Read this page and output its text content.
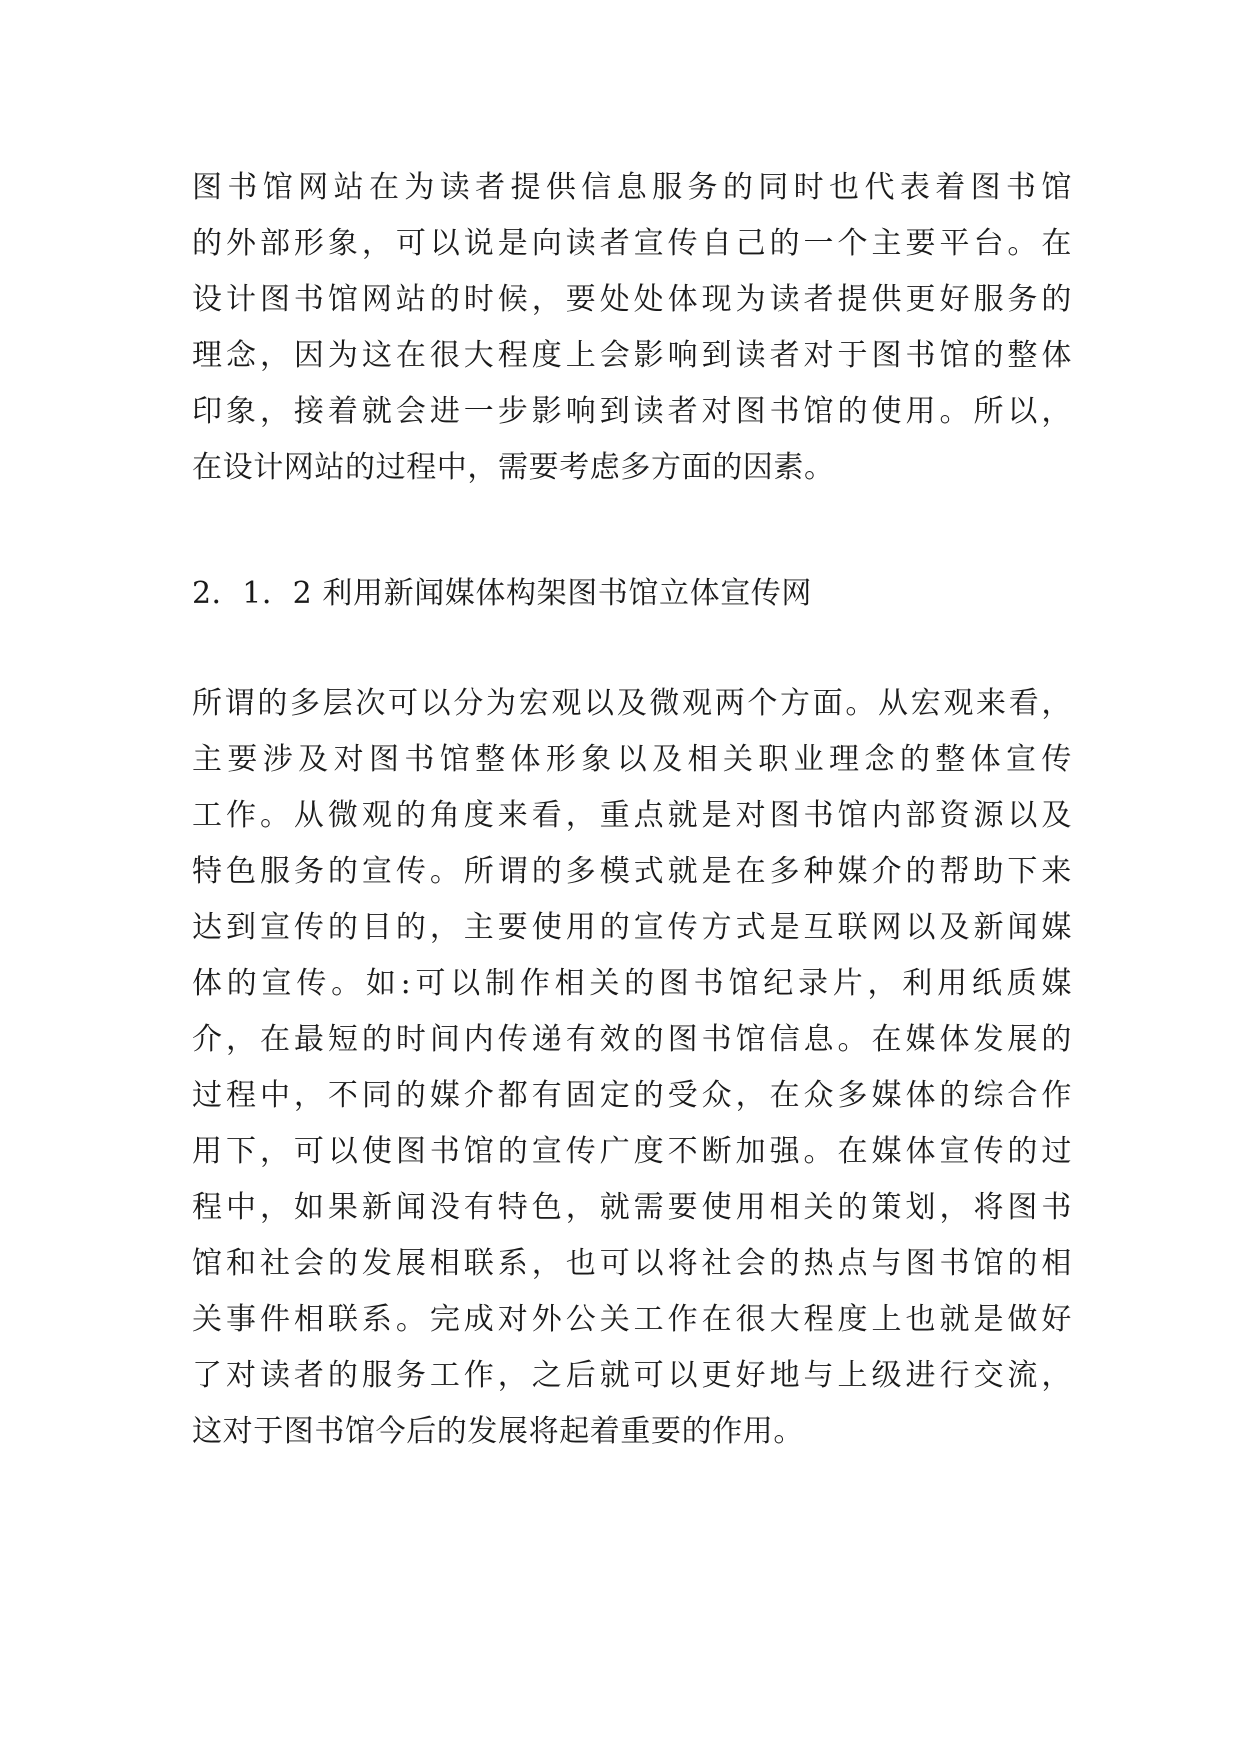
图书馆网站在为读者提供信息服务的同时也代表着图书馆
的外部形象，可以说是向读者宣传自己的一个主要平台。在
设计图书馆网站的时候，要处处体现为读者提供更好服务的
理念，因为这在很大程度上会影响到读者对于图书馆的整体
印象，接着就会进一步影响到读者对图书馆的使用。所以，
在设计网站的过程中，需要考虑多方面的因素。
2．1．2 利用新闻媒体构架图书馆立体宣传网
所谓的多层次可以分为宏观以及微观两个方面。从宏观来看，
主要涉及对图书馆整体形象以及相关职业理念的整体宣传
工作。从微观的角度来看，重点就是对图书馆内部资源以及
特色服务的宣传。所谓的多模式就是在多种媒介的帮助下来
达到宣传的目的，主要使用的宣传方式是互联网以及新闻媒
体的宣传。如:可以制作相关的图书馆纪录片，利用纸质媒
介，在最短的时间内传递有效的图书馆信息。在媒体发展的
过程中，不同的媒介都有固定的受众，在众多媒体的综合作
用下，可以使图书馆的宣传广度不断加强。在媒体宣传的过
程中，如果新闻没有特色，就需要使用相关的策划，将图书
馆和社会的发展相联系，也可以将社会的热点与图书馆的相
关事件相联系。完成对外公关工作在很大程度上也就是做好
了对读者的服务工作，之后就可以更好地与上级进行交流，
这对于图书馆今后的发展将起着重要的作用。
